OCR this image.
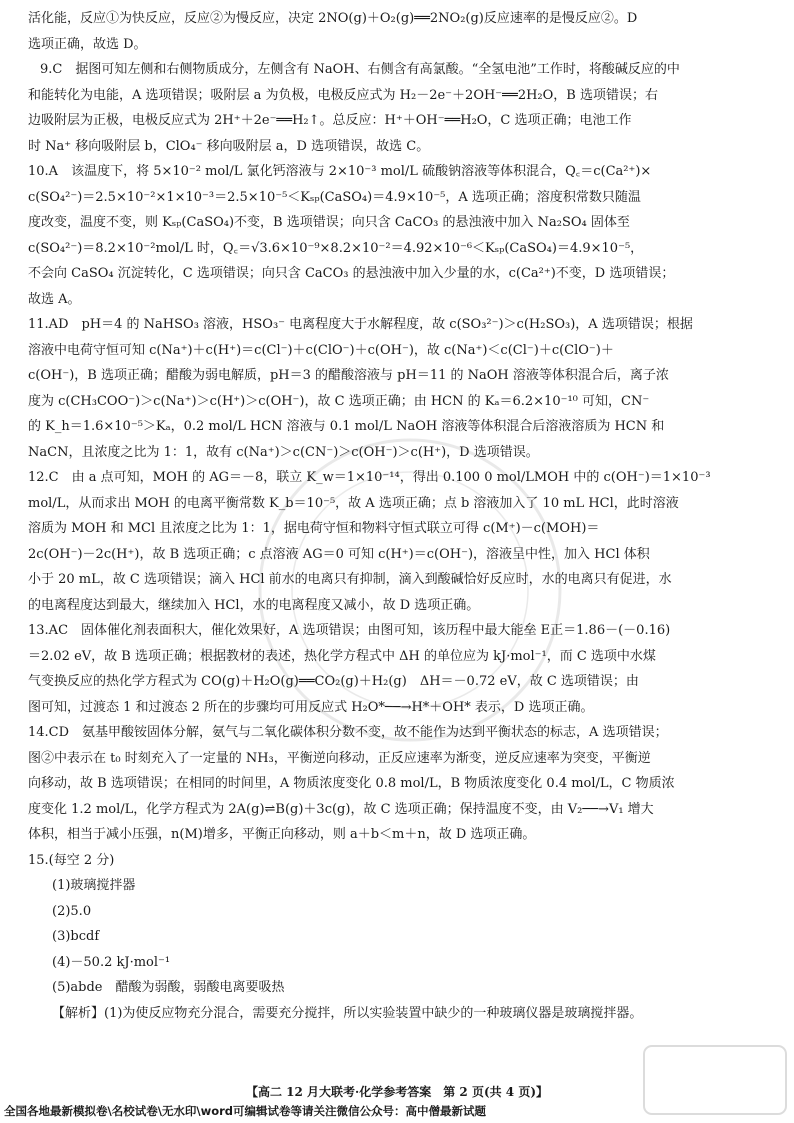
活化能，反应①为快反应，反应②为慢反应，决定 2NO(g)＋O₂(g)══2NO₂(g)反应速率的是慢反应②。D

选项正确，故选 D。

9.C　据图可知左侧和右侧物质成分，左侧含有 NaOH、右侧含有高氯酸。“全氢电池”工作时，将酸碱反应的中

和能转化为电能，A 选项错误；吸附层 a 为负极，电极反应式为 H₂－2e⁻＋2OH⁻══2H₂O，B 选项错误；右

边吸附层为正极，电极反应式为 2H⁺＋2e⁻══H₂↑。总反应：H⁺＋OH⁻══H₂O，C 选项正确；电池工作

时 Na⁺ 移向吸附层 b，ClO₄⁻ 移向吸附层 a，D 选项错误，故选 C。

10.A　该温度下，将 5×10⁻² mol/L 氯化钙溶液与 2×10⁻³ mol/L 硫酸钠溶液等体积混合，Q꜀＝c(Ca²⁺)×

c(SO₄²⁻)＝2.5×10⁻²×1×10⁻³＝2.5×10⁻⁵＜Kₛₚ(CaSO₄)＝4.9×10⁻⁵，A 选项正确；溶度积常数只随温

度改变，温度不变，则 Kₛₚ(CaSO₄)不变，B 选项错误；向只含 CaCO₃ 的悬浊液中加入 Na₂SO₄ 固体至

c(SO₄²⁻)＝8.2×10⁻²mol/L 时，Q꜀＝√3.6×10⁻⁹×8.2×10⁻²＝4.92×10⁻⁶＜Kₛₚ(CaSO₄)＝4.9×10⁻⁵，

不会向 CaSO₄ 沉淀转化，C 选项错误；向只含 CaCO₃ 的悬浊液中加入少量的水，c(Ca²⁺)不变，D 选项错误；

故选 A。

11.AD　pH＝4 的 NaHSO₃ 溶液，HSO₃⁻ 电离程度大于水解程度，故 c(SO₃²⁻)＞c(H₂SO₃)，A 选项错误；根据

溶液中电荷守恒可知 c(Na⁺)＋c(H⁺)＝c(Cl⁻)＋c(ClO⁻)＋c(OH⁻)，故 c(Na⁺)＜c(Cl⁻)＋c(ClO⁻)＋

c(OH⁻)，B 选项正确；醋酸为弱电解质，pH＝3 的醋酸溶液与 pH＝11 的 NaOH 溶液等体积混合后，离子浓

度为 c(CH₃COO⁻)＞c(Na⁺)＞c(H⁺)＞c(OH⁻)，故 C 选项正确；由 HCN 的 Kₐ＝6.2×10⁻¹⁰ 可知，CN⁻

的 K_h＝1.6×10⁻⁵＞Kₐ，0.2 mol/L HCN 溶液与 0.1 mol/L NaOH 溶液等体积混合后溶液溶质为 HCN 和

NaCN，且浓度之比为 1：1，故有 c(Na⁺)＞c(CN⁻)＞c(OH⁻)＞c(H⁺)，D 选项错误。

12.C　由 a 点可知，MOH 的 AG＝－8，联立 K_w＝1×10⁻¹⁴，得出 0.100 0 mol/LMOH 中的 c(OH⁻)＝1×10⁻³

mol/L，从而求出 MOH 的电离平衡常数 K_b＝10⁻⁵，故 A 选项正确；点 b 溶液加入了 10 mL HCl，此时溶液

溶质为 MOH 和 MCl 且浓度之比为 1：1，据电荷守恒和物料守恒式联立可得 c(M⁺)－c(MOH)＝

2c(OH⁻)－2c(H⁺)，故 B 选项正确；c 点溶液 AG＝0 可知 c(H⁺)＝c(OH⁻)，溶液呈中性，加入 HCl 体积

小于 20 mL，故 C 选项错误；滴入 HCl 前水的电离只有抑制，滴入到酸碱恰好反应时，水的电离只有促进，水

的电离程度达到最大，继续加入 HCl，水的电离程度又减小，故 D 选项正确。

13.AC　固体催化剂表面积大，催化效果好，A 选项错误；由图可知，该历程中最大能垒 E正＝1.86－(－0.16)

＝2.02 eV，故 B 选项正确；根据教材的表述，热化学方程式中 ΔH 的单位应为 kJ·mol⁻¹，而 C 选项中水煤

气变换反应的热化学方程式为 CO(g)＋H₂O(g)══CO₂(g)＋H₂(g)　ΔH＝－0.72 eV，故 C 选项错误；由

图可知，过渡态 1 和过渡态 2 所在的步骤均可用反应式 H₂O*──→H*＋OH* 表示，D 选项正确。

14.CD　氨基甲酸铵固体分解，氨气与二氧化碳体积分数不变，故不能作为达到平衡状态的标志，A 选项错误；

图②中表示在 t₀ 时刻充入了一定量的 NH₃，平衡逆向移动，正反应速率为渐变，逆反应速率为突变，平衡逆

向移动，故 B 选项错误；在相同的时间里，A 物质浓度变化 0.8 mol/L，B 物质浓度变化 0.4 mol/L，C 物质浓

度变化 1.2 mol/L，化学方程式为 2A(g)⇌B(g)＋3c(g)，故 C 选项正确；保持温度不变，由 V₂──→V₁ 增大

体积，相当于减小压强，n(M)增多，平衡正向移动，则 a＋b＜m＋n，故 D 选项正确。

15.(每空 2 分)

(1)玻璃搅拌器

(2)5.0

(3)bcdf

(4)－50.2 kJ·mol⁻¹

(5)abde　醋酸为弱酸，弱酸电离要吸热

【解析】(1)为使反应物充分混合，需要充分搅拌，所以实验装置中缺少的一种玻璃仪器是玻璃搅拌器。

【高二 12 月大联考·化学参考答案　第 2 页(共 4 页)】
全国各地最新模拟卷\名校试卷\无水印\word可编辑试卷等请关注微信公众号：高中僧最新试题
